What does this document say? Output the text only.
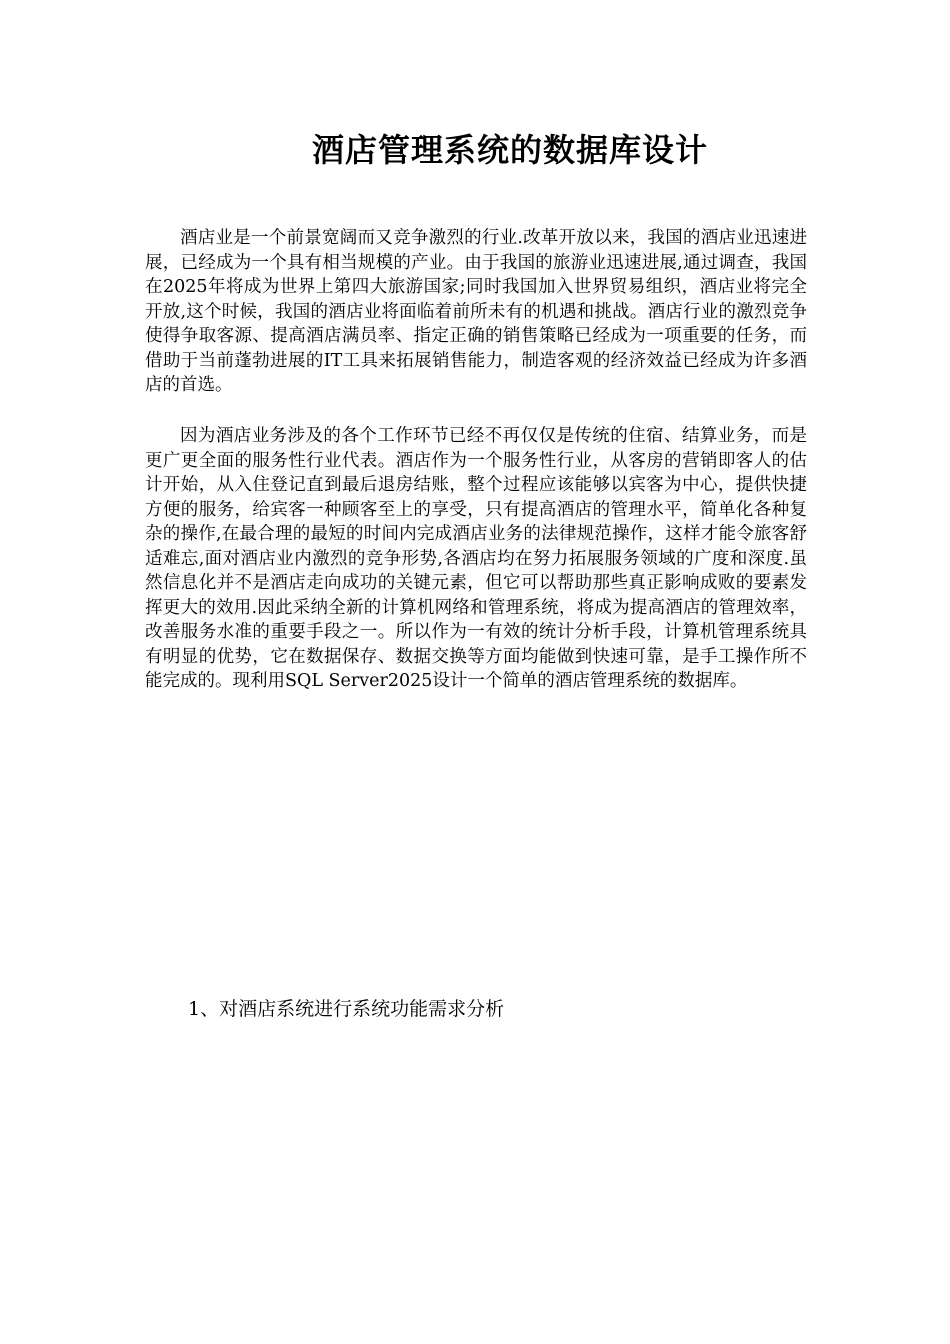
酒店管理系统的数据库设计

酒店业是一个前景宽阔而又竞争激烈的行业.改革开放以来，我国的酒店业迅速进展，已经成为一个具有相当规模的产业。由于我国的旅游业迅速进展,通过调查，我国在2025年将成为世界上第四大旅游国家;同时我国加入世界贸易组织，酒店业将完全开放,这个时候，我国的酒店业将面临着前所未有的机遇和挑战。酒店行业的激烈竞争使得争取客源、提高酒店满员率、指定正确的销售策略已经成为一项重要的任务，而借助于当前蓬勃进展的IT工具来拓展销售能力，制造客观的经济效益已经成为许多酒店的首选。

因为酒店业务涉及的各个工作环节已经不再仅仅是传统的住宿、结算业务，而是更广更全面的服务性行业代表。酒店作为一个服务性行业，从客房的营销即客人的估计开始，从入住登记直到最后退房结账，整个过程应该能够以宾客为中心，提供快捷方便的服务，给宾客一种顾客至上的享受，只有提高酒店的管理水平，简单化各种复杂的操作,在最合理的最短的时间内完成酒店业务的法律规范操作，这样才能令旅客舒适难忘,面对酒店业内激烈的竞争形势,各酒店均在努力拓展服务领域的广度和深度.虽然信息化并不是酒店走向成功的关键元素，但它可以帮助那些真正影响成败的要素发挥更大的效用.因此采纳全新的计算机网络和管理系统，将成为提高酒店的管理效率，改善服务水准的重要手段之一。所以作为一有效的统计分析手段，计算机管理系统具有明显的优势，它在数据保存、数据交换等方面均能做到快速可靠，是手工操作所不能完成的。现利用SQL Server2025设计一个简单的酒店管理系统的数据库。

1、对酒店系统进行系统功能需求分析
